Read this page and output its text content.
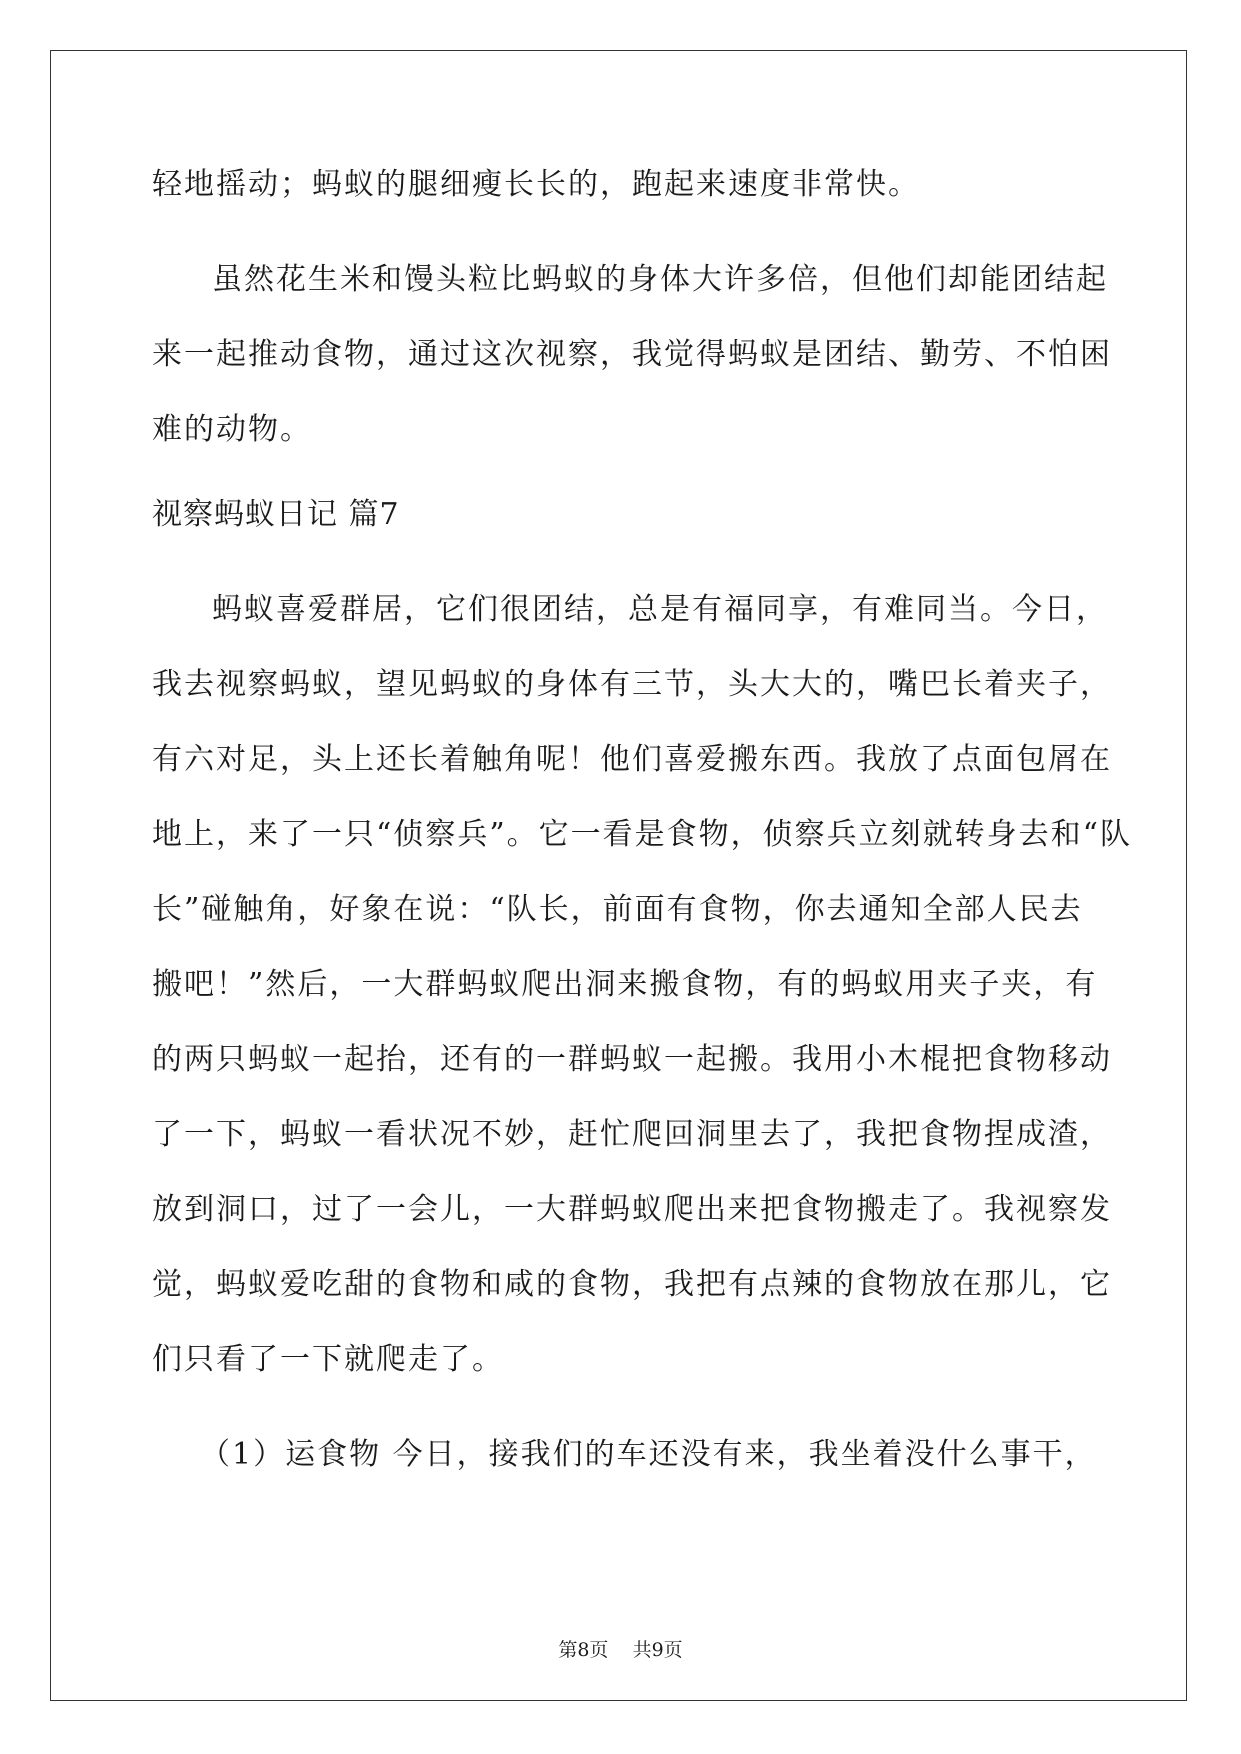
轻地摇动；蚂蚁的腿细瘦长长的，跑起来速度非常快。
虽然花生米和馒头粒比蚂蚁的身体大许多倍，但他们却能团结起
来一起推动食物，通过这次视察，我觉得蚂蚁是团结、勤劳、不怕困
难的动物。
视察蚂蚁日记 篇7
蚂蚁喜爱群居，它们很团结，总是有福同享，有难同当。今日，
我去视察蚂蚁，望见蚂蚁的身体有三节，头大大的，嘴巴长着夹子，
有六对足，头上还长着触角呢！他们喜爱搬东西。我放了点面包屑在
地上，来了一只“侦察兵”。它一看是食物，侦察兵立刻就转身去和“队
长”碰触角，好象在说：“队长，前面有食物，你去通知全部人民去
搬吧！”然后，一大群蚂蚁爬出洞来搬食物，有的蚂蚁用夹子夹，有
的两只蚂蚁一起抬，还有的一群蚂蚁一起搬。我用小木棍把食物移动
了一下，蚂蚁一看状况不妙，赶忙爬回洞里去了，我把食物捏成渣，
放到洞口，过了一会儿，一大群蚂蚁爬出来把食物搬走了。我视察发
觉，蚂蚁爱吃甜的食物和咸的食物，我把有点辣的食物放在那儿，它
们只看了一下就爬走了。
（1）运食物 今日，接我们的车还没有来，我坐着没什么事干，
第8页    共9页
